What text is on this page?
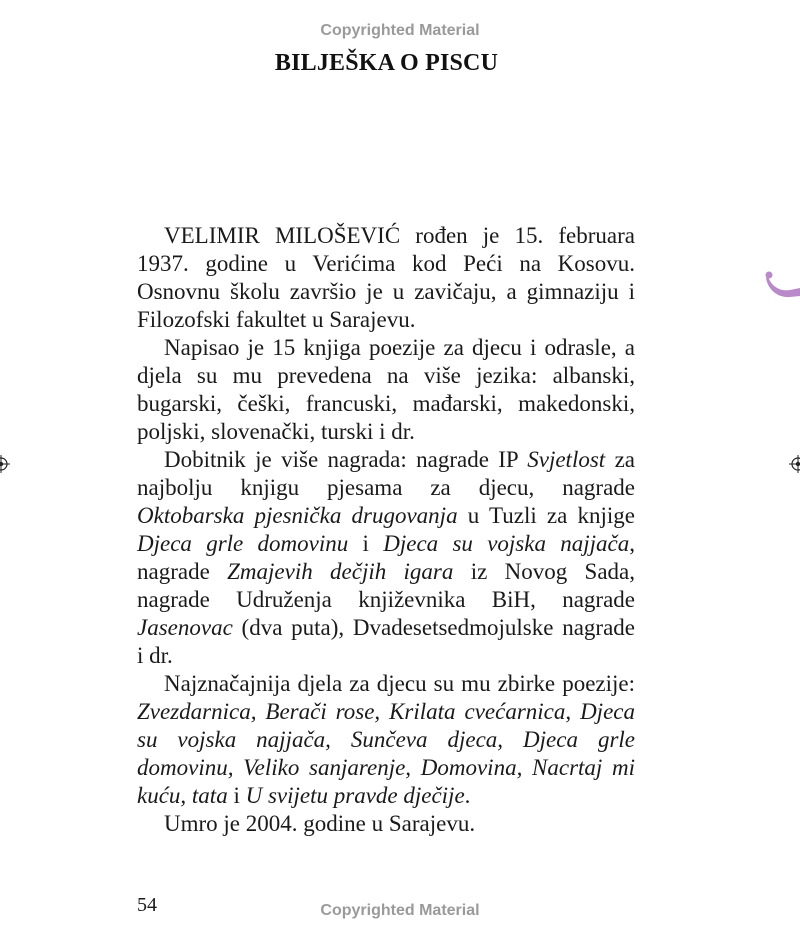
Copyrighted Material
BILJEŠKA O PISCU

VELIMIR MILOŠEVIĆ rođen je 15. februara 1937. godine u Verićima kod Peći na Kosovu. Osnovnu školu završio je u zavičaju, a gimnaziju i Filozofski fakultet u Sarajevu.

Napisao je 15 knjiga poezije za djecu i odrasle, a djela su mu prevedena na više jezika: albanski, bugarski, češki, francuski, mađarski, makedonski, poljski, slovenački, turski i dr.

Dobitnik je više nagrada: nagrade IP Svjetlost za najbolju knjigu pjesama za djecu, nagrade Oktobarska pjesnička drugovanja u Tuzli za knjige Djeca grle domovinu i Djeca su vojska najjača, nagrade Zmajevih dečjih igara iz Novog Sada, nagrade Udruženja književnika BiH, nagrade Jasenovac (dva puta), Dvadesetsedmojulske nagrade i dr.

Najznačajnija djela za djecu su mu zbirke poezije: Zvezdarnica, Berači rose, Krilata cvećarnica, Djeca su vojska najjača, Sunčeva djeca, Djeca grle domovinu, Veliko sanjarenje, Domovina, Nacrtaj mi kuću, tata i U svijetu pravde dječije.

Umro je 2004. godine u Sarajevu.

54	Copyrighted Material
